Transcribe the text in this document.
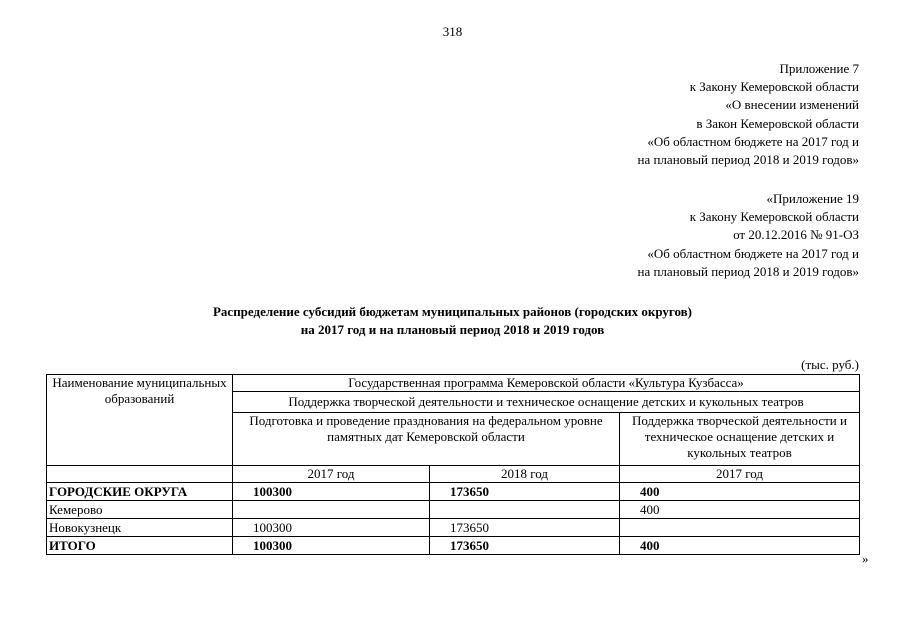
318
Приложение 7
к Закону Кемеровской области
«О внесении изменений
в Закон Кемеровской области
«Об областном бюджете на 2017 год и
на плановый период 2018 и 2019 годов»
«Приложение 19
к Закону Кемеровской области
от 20.12.2016 № 91-ОЗ
«Об областном бюджете на 2017 год и
на плановый период 2018 и 2019 годов»
Распределение субсидий бюджетам муниципальных районов (городских округов)
на 2017 год и на плановый период 2018 и 2019 годов
(тыс. руб.)
Наименование муниципальных образований	Государственная программа Кемеровской области «Культура Кузбасса»		
	Поддержка творческой деятельности и техническое оснащение детских и кукольных театров		
	Подготовка и проведение празднования на федеральном уровне памятных дат Кемеровской области		Поддержка творческой деятельности и техническое оснащение детских и кукольных театров

	2017 год	2018 год	2017 год
ГОРОДСКИЕ ОКРУГА	100300	173650	400
Кемерово			400
Новокузнецк	100300	173650	
ИТОГО	100300	173650	400
»
